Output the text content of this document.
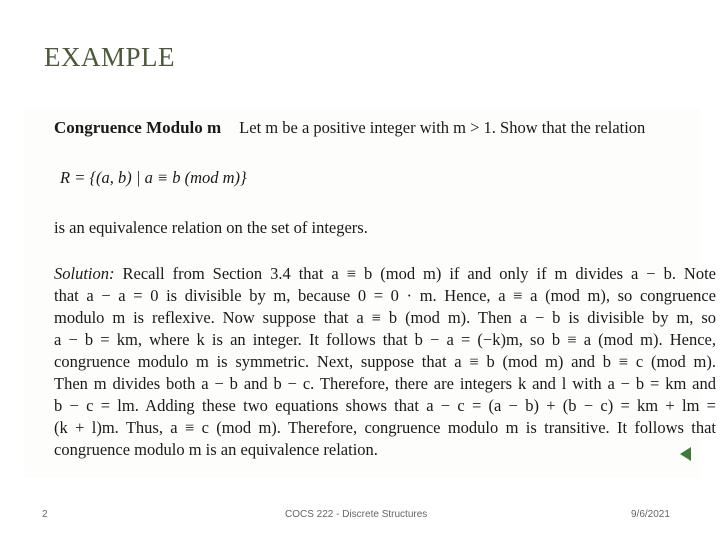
EXAMPLE
Congruence Modulo m Let m be a positive integer with m > 1. Show that the relation
R = {(a, b) | a ≡ b (mod m)}
is an equivalence relation on the set of integers.
Solution: Recall from Section 3.4 that a ≡ b (mod m) if and only if m divides a − b. Note
that a − a = 0 is divisible by m, because 0 = 0 · m. Hence, a ≡ a (mod m), so congruence
modulo m is reflexive. Now suppose that a ≡ b (mod m). Then a − b is divisible by m, so
a − b = km, where k is an integer. It follows that b − a = (−k)m, so b ≡ a (mod m). Hence,
congruence modulo m is symmetric. Next, suppose that a ≡ b (mod m) and b ≡ c (mod m).
Then m divides both a − b and b − c. Therefore, there are integers k and l with a − b = km and
b − c = lm. Adding these two equations shows that a − c = (a − b) + (b − c) = km + lm =
(k + l)m. Thus, a ≡ c (mod m). Therefore, congruence modulo m is transitive. It follows that
congruence modulo m is an equivalence relation.
2	COCS 222 - Discrete Structures	9/6/2021
